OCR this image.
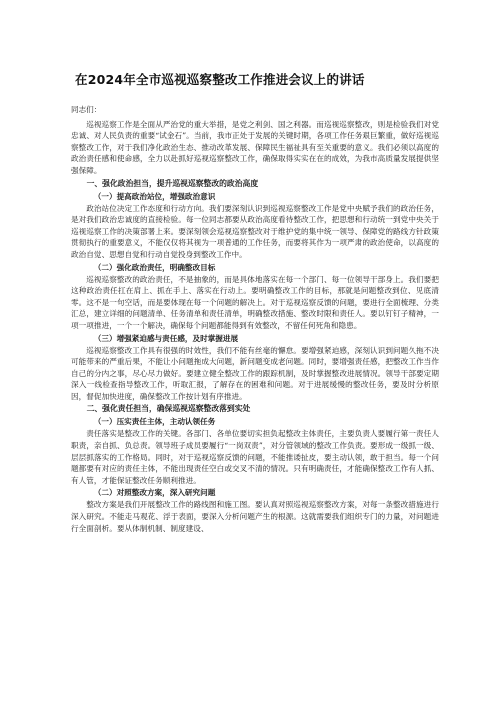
在2024年全市巡视巡察整改工作推进会议上的讲话
同志们：

巡视巡察工作是全面从严治党的重大举措，是党之利剑、国之利器。而巡视巡察整改，则是检验我们对党忠诚、对人民负责的重要“试金石”。当前，我市正处于发展的关键时期，各项工作任务艰巨繁重，做好巡视巡察整改工作，对于我们净化政治生态、推动改革发展、保障民生福祉具有至关重要的意义。我们必须以高度的政治责任感和使命感，全力以赴抓好巡视巡察整改工作，确保取得实实在在的成效，为我市高质量发展提供坚强保障。

一、强化政治担当，提升巡视巡察整改的政治高度
（一）提高政治站位，增强政治意识

政治站位决定工作态度和行动方向。我们要深刻认识到巡视巡察整改工作是党中央赋予我们的政治任务，是对我们政治忠诚度的直接检验。每一位同志都要从政治高度看待整改工作，把思想和行动统一到党中央关于巡视巡察工作的决策部署上来。要深刻领会巡视巡察整改对于维护党的集中统一领导、保障党的路线方针政策贯彻执行的重要意义，不能仅仅将其视为一项普通的工作任务，而要将其作为一项严肃的政治使命，以高度的政治自觉、思想自觉和行动自觉投身到整改工作中。

（二）强化政治责任，明确整改目标

巡视巡察整改的政治责任，不是抽象的，而是具体地落实在每一个部门、每一位领导干部身上。我们要把这种政治责任扛在肩上、抓在手上、落实在行动上。要明确整改工作的目标，那就是问题整改到位、见底清零。这不是一句空话，而是要体现在每一个问题的解决上。对于巡视巡察反馈的问题，要进行全面梳理、分类汇总，建立详细的问题清单、任务清单和责任清单，明确整改措施、整改时限和责任人。要以钉钉子精神，一项一项推进，一个一个解决，确保每个问题都能得到有效整改，不留任何死角和隐患。

（三）增强紧迫感与责任感，及时掌握进展

巡视巡察整改工作具有很强的时效性，我们不能有丝毫的懈怠。要增强紧迫感，深刻认识到问题久拖不决可能带来的严重后果，不能让小问题拖成大问题，新问题变成老问题。同时，要增强责任感，把整改工作当作自己的分内之事，尽心尽力做好。要建立健全整改工作的跟踪机制，及时掌握整改进展情况。领导干部要定期深入一线检查指导整改工作，听取汇报，了解存在的困难和问题。对于进展缓慢的整改任务，要及时分析原因，督促加快进度，确保整改工作按计划有序推进。

二、强化责任担当，确保巡视巡察整改落到实处
（一）压实责任主体，主动认领任务

责任落实是整改工作的关键。各部门、各单位要切实担负起整改主体责任，主要负责人要履行第一责任人职责，亲自抓、负总责。领导班子成员要履行“一岗双责”，对分管领域的整改工作负责。要形成一级抓一级、层层抓落实的工作格局。同时，对于巡视巡察反馈的问题，不能推诿扯皮，要主动认领，敢于担当。每一个问题都要有对应的责任主体，不能出现责任空白或交叉不清的情况。只有明确责任，才能确保整改工作有人抓、有人管，才能保证整改任务顺利推进。

（二）对照整改方案，深入研究问题

整改方案是我们开展整改工作的路线图和施工图。要认真对照巡视巡察整改方案，对每一条整改措施进行深入研究。不能走马观花、浮于表面，要深入分析问题产生的根源。这就需要我们组织专门的力量，对问题进行全面剖析。要从体制机制、制度建设、
